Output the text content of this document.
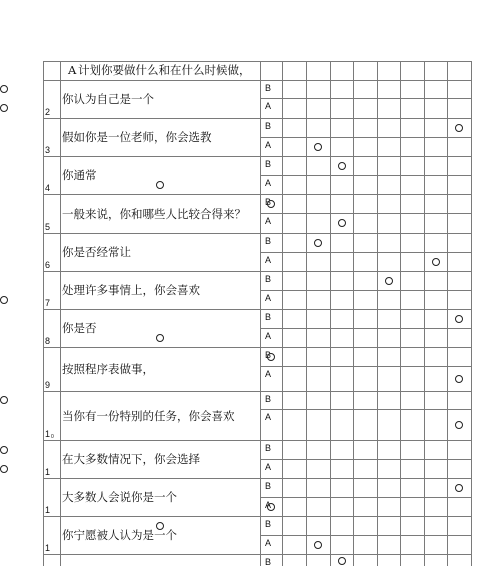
A 计划你要做什么和在什么时候做，
2
你认为自己是一个
B
A
3
假如你是一位老师，你会选教
B
A
4
你通常
B
A
5
一般来说，你和哪些人比较合得来？
B
A
6
你是否经常让
B
A
7
处理许多事情上，你会喜欢
B
A
8
你是否
B
A
9
按照程序表做事，
B
A
1 0
当你有一份特别的任务，你会喜欢
B
A
1
在大多数情况下，你会选择
B
A
1
大多数人会说你是一个
B
A
1
你宁愿被人认为是一个
B
A
B
